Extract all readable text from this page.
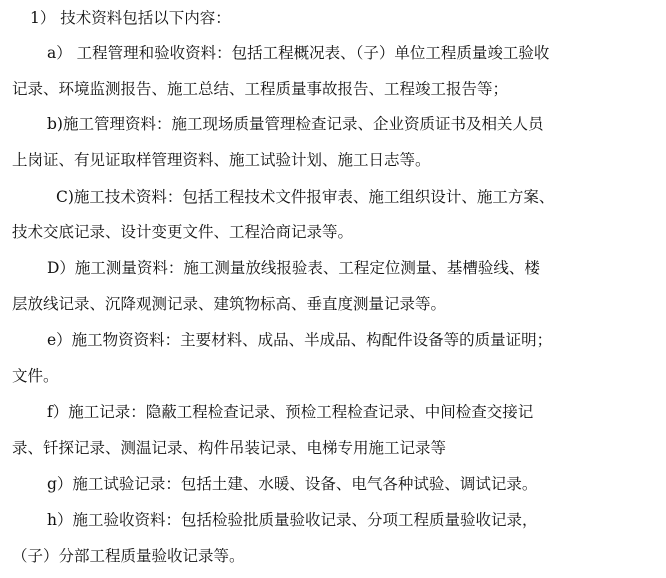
1） 技术资料包括以下内容：
a） 工程管理和验收资料：包括工程概况表、（子）单位工程质量竣工验收
记录、环境监测报告、施工总结、工程质量事故报告、工程竣工报告等；
b)施工管理资料：施工现场质量管理检查记录、企业资质证书及相关人员
上岗证、有见证取样管理资料、施工试验计划、施工日志等。
C)施工技术资料：包括工程技术文件报审表、施工组织设计、施工方案、
技术交底记录、设计变更文件、工程洽商记录等。
D）施工测量资料：施工测量放线报验表、工程定位测量、基槽验线、楼
层放线记录、沉降观测记录、建筑物标高、垂直度测量记录等。
e）施工物资资料：主要材料、成品、半成品、构配件设备等的质量证明；
文件。
f）施工记录：隐蔽工程检查记录、预检工程检查记录、中间检查交接记
录、钎探记录、测温记录、构件吊装记录、电梯专用施工记录等
g）施工试验记录：包括土建、水暖、设备、电气各种试验、调试记录。
h）施工验收资料：包括检验批质量验收记录、分项工程质量验收记录，
（子）分部工程质量验收记录等。
